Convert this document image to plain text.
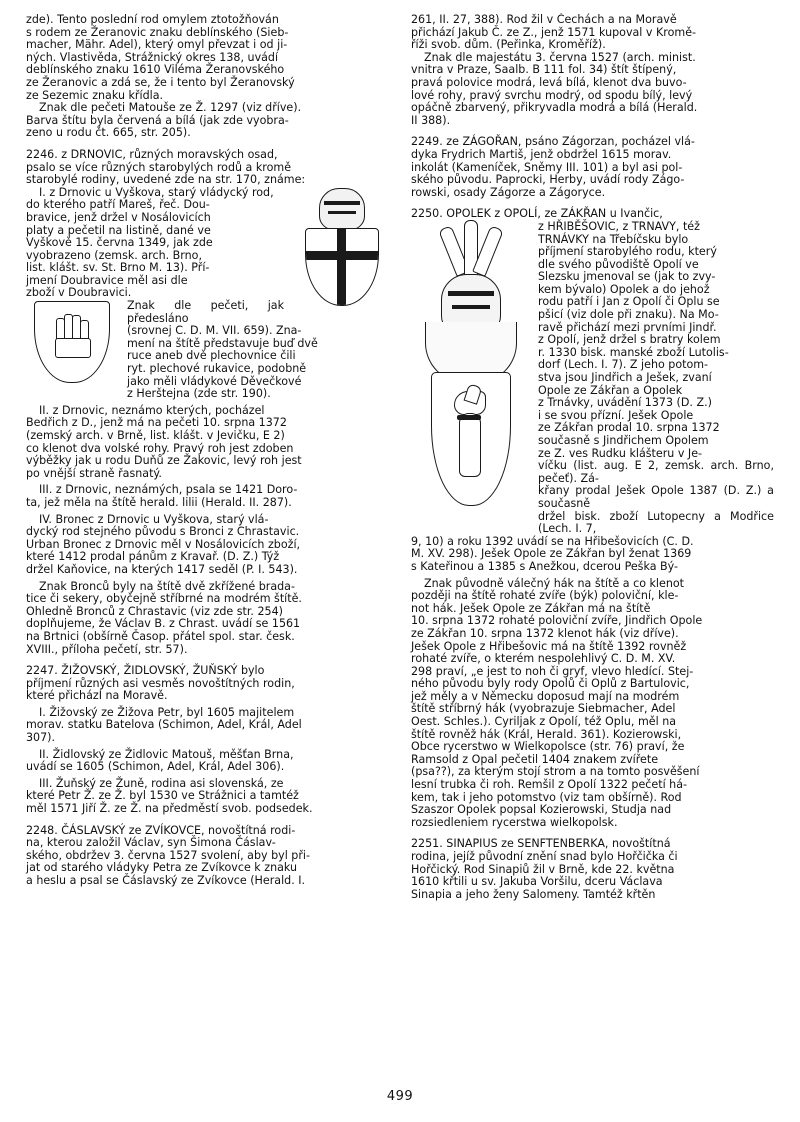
zde). Tento poslední rod omylem ztotožňován

s rodem ze Žeranovic znaku deblínského (Sieb-

macher, Mähr. Adel), který omyl převzat i od ji-

ných. Vlastivěda, Strážnický okres 138, uvádí

deblínského znaku 1610 Viléma Žeranovského

ze Žeranovic a zdá se, že i tento byl Žeranovský

ze Sezemic znaku křídla.

Znak dle pečeti Matouše ze Ž. 1297 (viz dříve).

Barva štítu byla červená a bílá (jak zde vyobra-

zeno u rodu čt. 665, str. 205).

2246. z DRNOVIC, různých moravských osad,

psalo se více různých starobylých rodů a kromě

starobylé rodiny, uvedené zde na str. 170, známe:

I. z Drnovic u Vyškova, starý vládycký rod,

do kterého patří Mareš, řeč. Dou-

bravice, jenž držel v Nosálovicích

platy a pečetil na listině, dané ve

Vyškově 15. června 1349, jak zde

vyobrazeno (zemsk. arch. Brno,

list. klášt. sv. St. Brno M. 13). Pří-

jmení Doubravice měl asi dle

zboží v Doubravici.

Znak dle pečeti, jak předesláno

(srovnej C. D. M. VII. 659). Zna-

mení na štítě představuje buď dvě

ruce aneb dvě plechovnice čili

ryt. plechové rukavice, podobně

jako měli vládykové Děvečkové

z Herštejna (zde str. 190).

II. z Drnovic, neznámo kterých, pocházel

Bedřich z D., jenž má na pečeti 10. srpna 1372

(zemský arch. v Brně, list. klášt. v Jevičku, E 2)

co klenot dva volské rohy. Pravý roh jest zdoben

výběžky jak u rodu Duňů ze Žakovic, levý roh jest

po vnější straně řasnatý.

III. z Drnovic, neznámých, psala se 1421 Doro-

ta, jež měla na štítě herald. lilii (Herald. II. 287).

IV. Bronec z Drnovic u Vyškova, starý vlá-

dycký rod stejného původu s Bronci z Chrastavic.

Urban Bronec z Drnovic měl v Nosálovicích zboží,

které 1412 prodal pánům z Kravař. (D. Z.) Týž

držel Kaňovice, na kterých 1417 seděl (P. I. 543).

Znak Bronců byly na štítě dvě zkřížené brada-

tice či sekery, obyčejně stříbrné na modrém štítě.

Ohledně Bronců z Chrastavic (viz zde str. 254)

doplňujeme, že Václav B. z Chrast. uvádí se 1561

na Brtnici (obšírně Časop. přátel spol. star. česk.

XVIII., příloha pečetí, str. 57).

2247. ŽIŽOVSKÝ, ŽIDLOVSKÝ, ŽUŇSKÝ bylo

příjmení různých asi vesměs novoštítných rodin,

které přicházÍ na Moravě.

I. Žižovský ze Žižova Petr, byl 1605 majitelem

morav. statku Batelova (Schimon, Adel, Král, Adel

307).

II. Židlovský ze Židlovic Matouš, měšťan Brna,

uvádí se 1605 (Schimon, Adel, Král, Adel 306).

III. Žuňský ze Žuně, rodina asi slovenská, ze

které Petr Ž. ze Ž. byl 1530 ve Strážnici a tamtéž

měl 1571 Jiří Ž. ze Ž. na předměstí svob. podsedek.

2248. ČÁSLAVSKÝ ze ZVÍKOVCE, novoštítná rodi-

na, kterou založil Václav, syn Šimona Čáslav-

ského, obdržev 3. června 1527 svolení, aby byl při-

jat od starého vládyky Petra ze Zvíkovce k znaku

a heslu a psal se Čáslavský ze Zvíkovce (Herald. I.

261, II. 27, 388). Rod žil v Čechách a na Moravě

přichází Jakub Č. ze Z., jenž 1571 kupoval v Kromě-

říži svob. dům. (Peřinka, Kroměříž).

Znak dle majestátu 3. června 1527 (arch. minist.

vnitra v Praze, Saalb. B 111 fol. 34) štít štípený,

pravá polovice modrá, levá bílá, klenot dva buvo-

lové rohy, pravý svrchu modrý, od spodu bílý, levý

opáčně zbarvený, přikryvadla modrá a bílá (Herald.

II 388).

2249. ze ZÁGOŘAN, psáno Zágorzan, pocházel vlá-

dyka Frydrich Martiš, jenž obdržel 1615 morav.

inkolát (Kameníček, Sněmy III. 101) a byl asi pol-

ského původu. Paprocki, Herby, uvádí rody Zágo-

rowski, osady Zágorze a Zágoryce.

2250. OPOLEK z OPOLÍ, ze ZÁKŘAN u Ivančic,

z HŘIBĚŠOVIC, z TRNAVY, též

TRNÁVKY na Třebíčsku bylo

příjmení starobylého rodu, který

dle svého původiště Opolí ve

Slezsku jmenoval se (jak to zvy-

kem bývalo) Opolek a do jehož

rodu patří i Jan z Opolí či Oplu se

pšicí (viz dole při znaku). Na Mo-

ravě přichází mezi prvními Jindř.

z Opolí, jenž držel s bratry kolem

r. 1330 bisk. manské zboží Lutolis-

dorf (Lech. I. 7). Z jeho potom-

stva jsou Jindřich a Ješek, zvaní

Opole ze Zákřan a Opolek

z Trnávky, uvádění 1373 (D. Z.)

i se svou přízní. Ješek Opole

ze Zákřan prodal 10. srpna 1372

současně s Jindřichem Opolem

ze Z. ves Rudku klášteru v Je-

víčku (list. aug. E 2, zemsk. arch. Brno, pečeť). Zá-

křany prodal Ješek Opole 1387 (D. Z.) a současně

držel bisk. zboží Lutopecny a Modřice (Lech. I. 7,

9, 10) a roku 1392 uvádí se na Hřibešovicích (C. D.

M. XV. 298). Ješek Opole ze Zákřan byl ženat 1369

s Kateřinou a 1385 s Anežkou, dcerou Peška Bý-

Znak původně válečný hák na štítě a co klenot

později na štítě rohaté zvíře (býk) poloviční, kle-

not hák. Ješek Opole ze Zákřan má na štítě

10. srpna 1372 rohaté poloviční zvíře, Jindřich Opole

ze Zákřan 10. srpna 1372 klenot hák (viz dříve).

Ješek Opole z Hřibešovic má na štítě 1392 rovněž

rohaté zvíře, o kterém nespolehlivý C. D. M. XV.

298 praví, „e jest to noh či gryf, vlevo hledící. Stej-

ného původu byly rody Opolů či Oplů z Bartulovic,

jež měly a v Německu doposud mají na modrém

štítě stříbrný hák (vyobrazuje Siebmacher, Adel

Oest. Schles.). Cyriljak z Opolí, též Oplu, měl na

štítě rovněž hák (Král, Herald. 361). Kozierowski,

Obce rycerstwo w Wielkopolsce (str. 76) praví, že

Ramsold z Opal pečetil 1404 znakem zvířete

(psa??), za kterým stojí strom a na tomto posvěšení

lesní trubka či roh. Remšil z Opolí 1322 pečetí há-

kem, tak i jeho potomstvo (viz tam obšírně). Rod

Szaszor Opolek popsal Kozierowski, Studja nad

rozsiedleniem rycerstwa wielkopolsk.

2251. SINAPIUS ze SENFTENBERKA, novoštítná

rodina, jejíž původní znění snad bylo Hořčička či

Hořčický. Rod Sinapiů žil v Brně, kde 22. května

1610 křtili u sv. Jakuba Voršilu, dceru Václava

Sinapia a jeho ženy Salomeny. Tamtéž křtěn

499
